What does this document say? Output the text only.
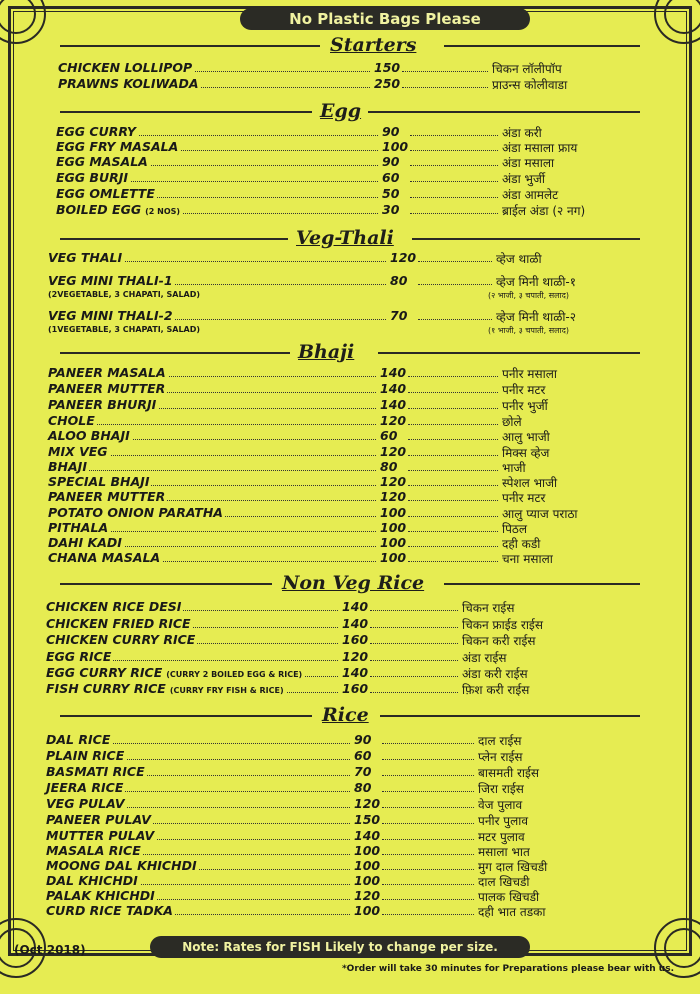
No Plastic Bags Please
Starters
CHICKEN LOLLIPOP	150	चिकन लॉलीपॉप
PRAWNS KOLIWADA	250	प्राउन्स कोलीवाडा
Egg
EGG CURRY	90	अंडा करी
EGG FRY MASALA	100	अंडा मसाला फ्राय
EGG MASALA	90	अंडा मसाला
EGG BURJI	60	अंडा भुर्जी
EGG OMLETTE	50	अंडा आमलेट
BOILED EGG (2 NOS)	30	ब्राईल अंडा (२ नग)
Veg-Thali
VEG THALI	120	व्हेज थाळी
VEG MINI THALI-1	80	व्हेज मिनी थाळी-१
(2VEGETABLE, 3 CHAPATI, SALAD)	(२ भाजी, ३ चपाती, सलाद)
VEG MINI THALI-2	70	व्हेज मिनी थाळी-२
(1VEGETABLE, 3 CHAPATI, SALAD)	(१ भाजी, ३ चपाती, सलाद)
Bhaji
PANEER MASALA	140	पनीर मसाला
PANEER MUTTER	140	पनीर मटर
PANEER BHURJI	140	पनीर भुर्जी
CHOLE	120	छोले
ALOO BHAJI	60	आलु भाजी
MIX VEG	120	मिक्स व्हेज
BHAJI	80	भाजी
SPECIAL BHAJI	120	स्पेशल भाजी
PANEER MUTTER	120	पनीर मटर
POTATO ONION PARATHA	100	आलु प्याज पराठा
PITHALA	100	पिठल
DAHI KADI	100	दही कडी
CHANA MASALA	100	चना मसाला
Non Veg Rice
CHICKEN RICE DESI	140	चिकन राईस
CHICKEN FRIED RICE	140	चिकन फ्राईड राईस
CHICKEN CURRY RICE	160	चिकन करी राईस
EGG RICE	120	अंडा राईस
EGG CURRY RICE (CURRY 2 BOILED EGG & RICE)	140	अंडा करी राईस
FISH CURRY RICE (CURRY FRY FISH & RICE)	160	फ़िश करी राईस
Rice
DAL RICE	90	दाल राईस
PLAIN RICE	60	प्लेन राईस
BASMATI RICE	70	बासमती राईस
JEERA RICE	80	जिरा राईस
VEG PULAV	120	वेज पुलाव
PANEER PULAV	150	पनीर पुलाव
MUTTER PULAV	140	मटर पुलाव
MASALA RICE	100	मसाला भात
MOONG DAL KHICHDI	100	मुग दाल खिचडी
DAL KHICHDI	100	दाल खिचडी
PALAK KHICHDI	120	पालक खिचडी
CURD RICE TADKA	100	दही भात तडका
(Oct 2018)	Note: Rates for FISH Likely to change per size.
*Order will take 30 minutes for Preparations please bear with us.
